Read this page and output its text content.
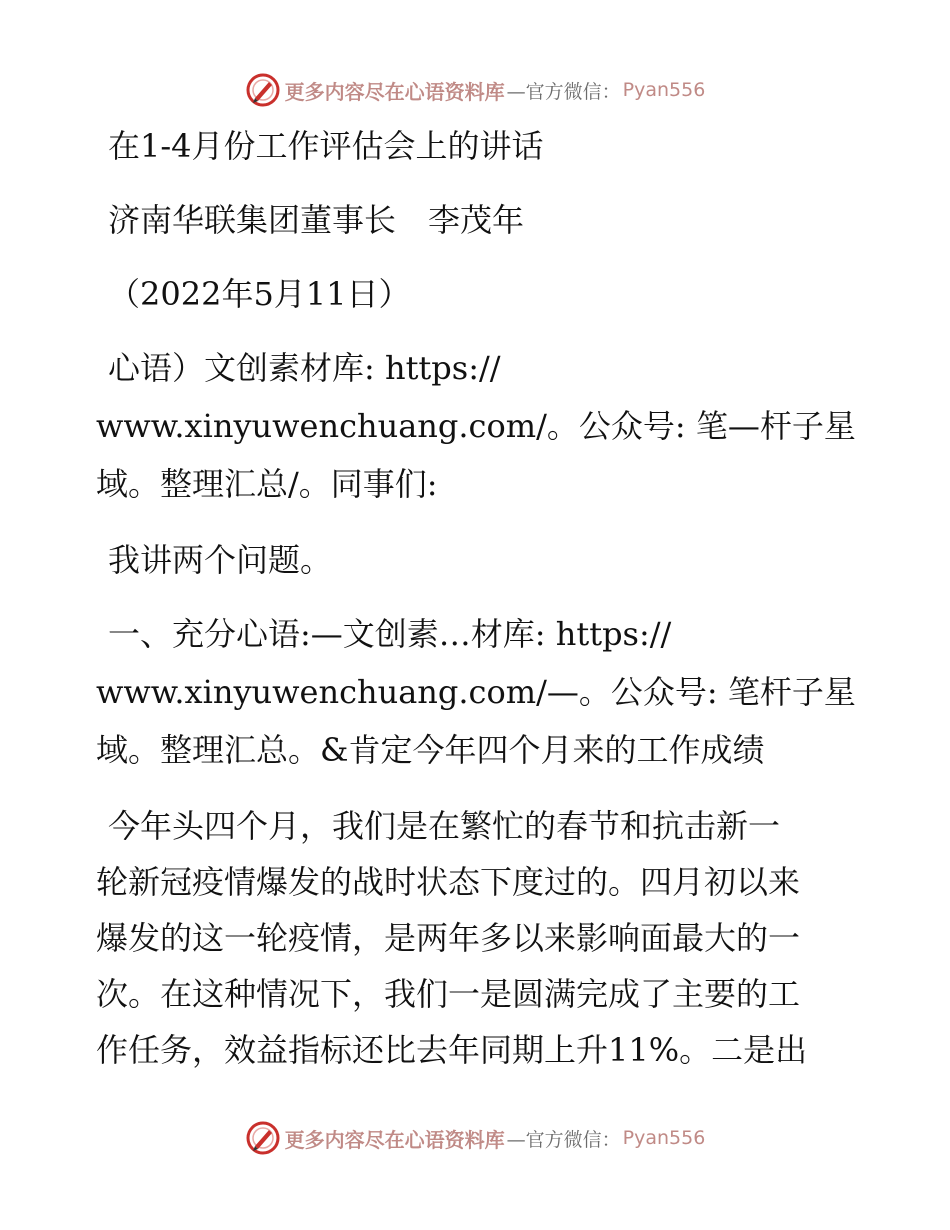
更多内容尽在心语资料库 —官方微信： Pyan556
在1-4月份工作评估会上的讲话
济南华联集团董事长　李茂年
（2022年5月11日）
心语）文创素材库: https://
www.xinyuwenchuang.com/。公众号: 笔—杆子星
域。整理汇总/。同事们:
我讲两个问题。
一、充分心语:—文创素…材库: https://
www.xinyuwenchuang.com/—。公众号: 笔杆子星
域。整理汇总。&肯定今年四个月来的工作成绩
今年头四个月，我们是在繁忙的春节和抗击新一
轮新冠疫情爆发的战时状态下度过的。四月初以来
爆发的这一轮疫情，是两年多以来影响面最大的一
次。在这种情况下，我们一是圆满完成了主要的工
作任务，效益指标还比去年同期上升11%。二是出
更多内容尽在心语资料库 —官方微信： Pyan556
